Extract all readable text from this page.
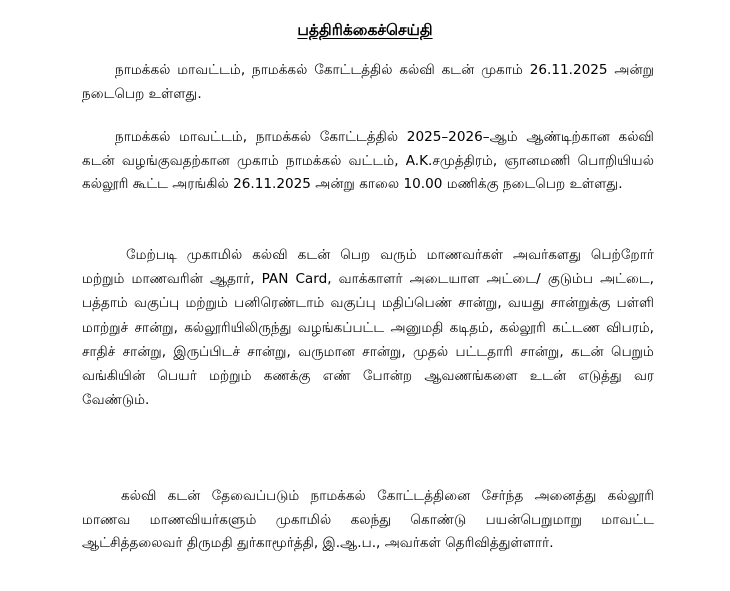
பத்திரிக்கைச்செய்தி
நாமக்கல் மாவட்டம், நாமக்கல் கோட்டத்தில் கல்வி கடன் முகாம் 26.11.2025 அன்று நடைபெற உள்ளது.
நாமக்கல் மாவட்டம், நாமக்கல் கோட்டத்தில் 2025–2026–ஆம் ஆண்டிற்கான கல்வி கடன் வழங்குவதற்கான முகாம் நாமக்கல் வட்டம், A.K.சமுத்திரம், ஞானமணி பொறியியல் கல்லூரி கூட்ட அரங்கில் 26.11.2025 அன்று காலை 10.00 மணிக்கு நடைபெற உள்ளது.
மேற்படி முகாமில் கல்வி கடன் பெற வரும் மாணவர்கள் அவர்களது பெற்றோர் மற்றும் மாணவரின் ஆதார், PAN Card, வாக்காளர் அடையாள அட்டை/ குடும்ப அட்டை, பத்தாம் வகுப்பு மற்றும் பனிரெண்டாம் வகுப்பு மதிப்பெண் சான்று, வயது சான்றுக்கு பள்ளி மாற்றுச் சான்று, கல்லூரியிலிருந்து வழங்கப்பட்ட அனுமதி கடிதம், கல்லூரி கட்டண விபரம், சாதிச் சான்று, இருப்பிடச் சான்று, வருமான சான்று, முதல் பட்டதாரி சான்று, கடன் பெறும் வங்கியின் பெயர் மற்றும் கணக்கு எண் போன்ற ஆவணங்களை உடன் எடுத்து வர வேண்டும்.
கல்வி கடன் தேவைப்படும் நாமக்கல் கோட்டத்தினை சேர்ந்த அனைத்து கல்லூரி மாணவ மாணவியர்களும் முகாமில் கலந்து கொண்டு பயன்பெறுமாறு மாவட்ட ஆட்சித்தலைவர் திருமதி துர்காமூர்த்தி, இ.ஆ.ப., அவர்கள் தெரிவித்துள்ளார்.
